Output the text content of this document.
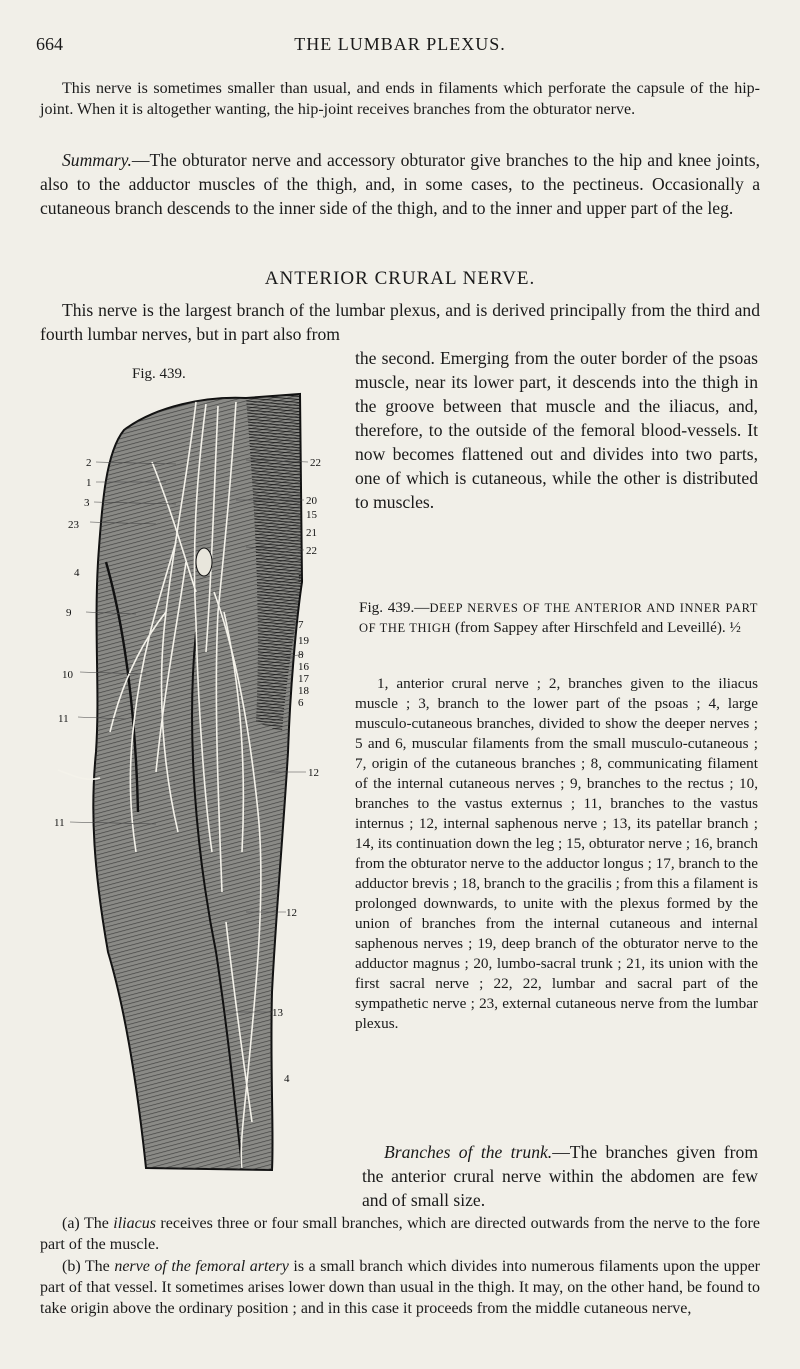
664	THE LUMBAR PLEXUS.

This nerve is sometimes smaller than usual, and ends in filaments which perforate the capsule of the hip-joint. When it is altogether wanting, the hip-joint receives branches from the obturator nerve.

Summary.—The obturator nerve and accessory obturator give branches to the hip and knee joints, also to the adductor muscles of the thigh, and, in some cases, to the pectineus. Occasionally a cutaneous branch descends to the inner side of the thigh, and to the inner and upper part of the leg.

ANTERIOR CRURAL NERVE.

This nerve is the largest branch of the lumbar plexus, and is derived principally from the third and fourth lumbar nerves, but in part also from

Fig. 439.
2
1
3
23
4
9
10
11
11
22
20
15
21
22
5
7
19
8
16
17
18
6
12
12
13
4

the second. Emerging from the outer border of the psoas muscle, near its lower part, it descends into the thigh in the groove between that muscle and the iliacus, and, therefore, to the outside of the femoral blood-vessels. It now becomes flattened out and divides into two parts, one of which is cutaneous, while the other is distributed to muscles.

Fig. 439.—DEEP NERVES OF THE ANTERIOR AND INNER PART OF THE THIGH (from Sappey after Hirschfeld and Leveillé). ½

1, anterior crural nerve ; 2, branches given to the iliacus muscle ; 3, branch to the lower part of the psoas ; 4, large musculo-cutaneous branches, divided to show the deeper nerves ; 5 and 6, muscular filaments from the small musculo-cutaneous ; 7, origin of the cutaneous branches ; 8, communicating filament of the internal cutaneous nerves ; 9, branches to the rectus ; 10, branches to the vastus externus ; 11, branches to the vastus internus ; 12, internal saphenous nerve ; 13, its patellar branch ; 14, its continuation down the leg ; 15, obturator nerve ; 16, branch from the obturator nerve to the adductor longus ; 17, branch to the adductor brevis ; 18, branch to the gracilis ; from this a filament is prolonged downwards, to unite with the plexus formed by the union of branches from the internal cutaneous and internal saphenous nerves ; 19, deep branch of the obturator nerve to the adductor magnus ; 20, lumbo-sacral trunk ; 21, its union with the first sacral nerve ; 22, 22, lumbar and sacral part of the sympathetic nerve ; 23, external cutaneous nerve from the lumbar plexus.

Branches of the trunk.—The branches given from the anterior crural nerve within the abdomen are few and of small size.

(a) The iliacus receives three or four small branches, which are directed outwards from the nerve to the fore part of the muscle.

(b) The nerve of the femoral artery is a small branch which divides into numerous filaments upon the upper part of that vessel. It sometimes arises lower down than usual in the thigh. It may, on the other hand, be found to take origin above the ordinary position ; and in this case it proceeds from the middle cutaneous nerve,
